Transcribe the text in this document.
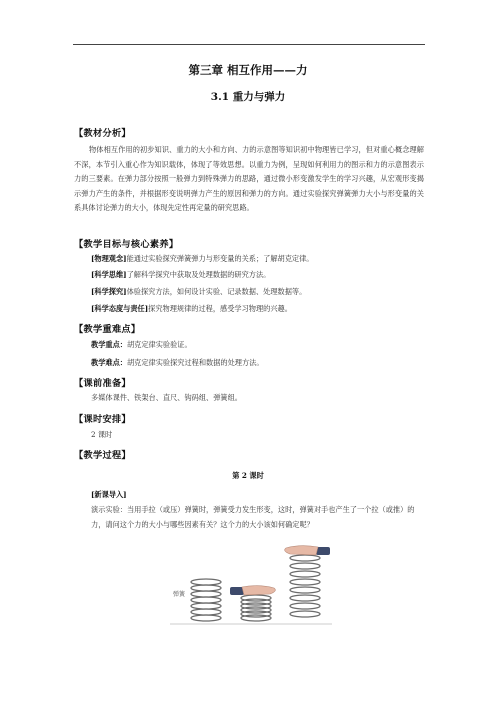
第三章 相互作用——力
3.1 重力与弹力
【教材分析】
物体相互作用的初步知识、重力的大小和方向、力的示意图等知识初中物理皆已学习，但对重心概念理解不深，本节引入重心作为知识载体，体现了等效思想。以重力为例，呈现如何利用力的图示和力的示意图表示力的三要素。在弹力部分按照一般弹力到特殊弹力的思路，通过微小形变激发学生的学习兴趣，从宏观形变揭示弹力产生的条件，并根据形变说明弹力产生的原因和弹力的方向。通过实验探究弹簧弹力大小与形变量的关系具体讨论弹力的大小，体现先定性再定量的研究思路。
【教学目标与核心素养】
[物理观念]能通过实验探究弹簧弹力与形变量的关系；了解胡克定律。
[科学思维]了解科学探究中获取及处理数据的研究方法。
[科学探究]体验探究方法，如何设计实验、记录数据、处理数据等。
[科学态度与责任]探究物理规律的过程，感受学习物理的兴趣。
【教学重难点】
教学重点：胡克定律实验验证。
教学难点：胡克定律实验探究过程和数据的处理方法。
【课前准备】
多媒体课件、铁架台、直尺、钩码组、弹簧组。
【课时安排】
2 课时
【教学过程】
第 2 课时
[新课导入]
演示实验：当用手拉（或压）弹簧时，弹簧受力发生形变，这时，弹簧对手也产生了一个拉（或推）的力，请问这个力的大小与哪些因素有关？这个力的大小该如何确定呢？
弹簧
